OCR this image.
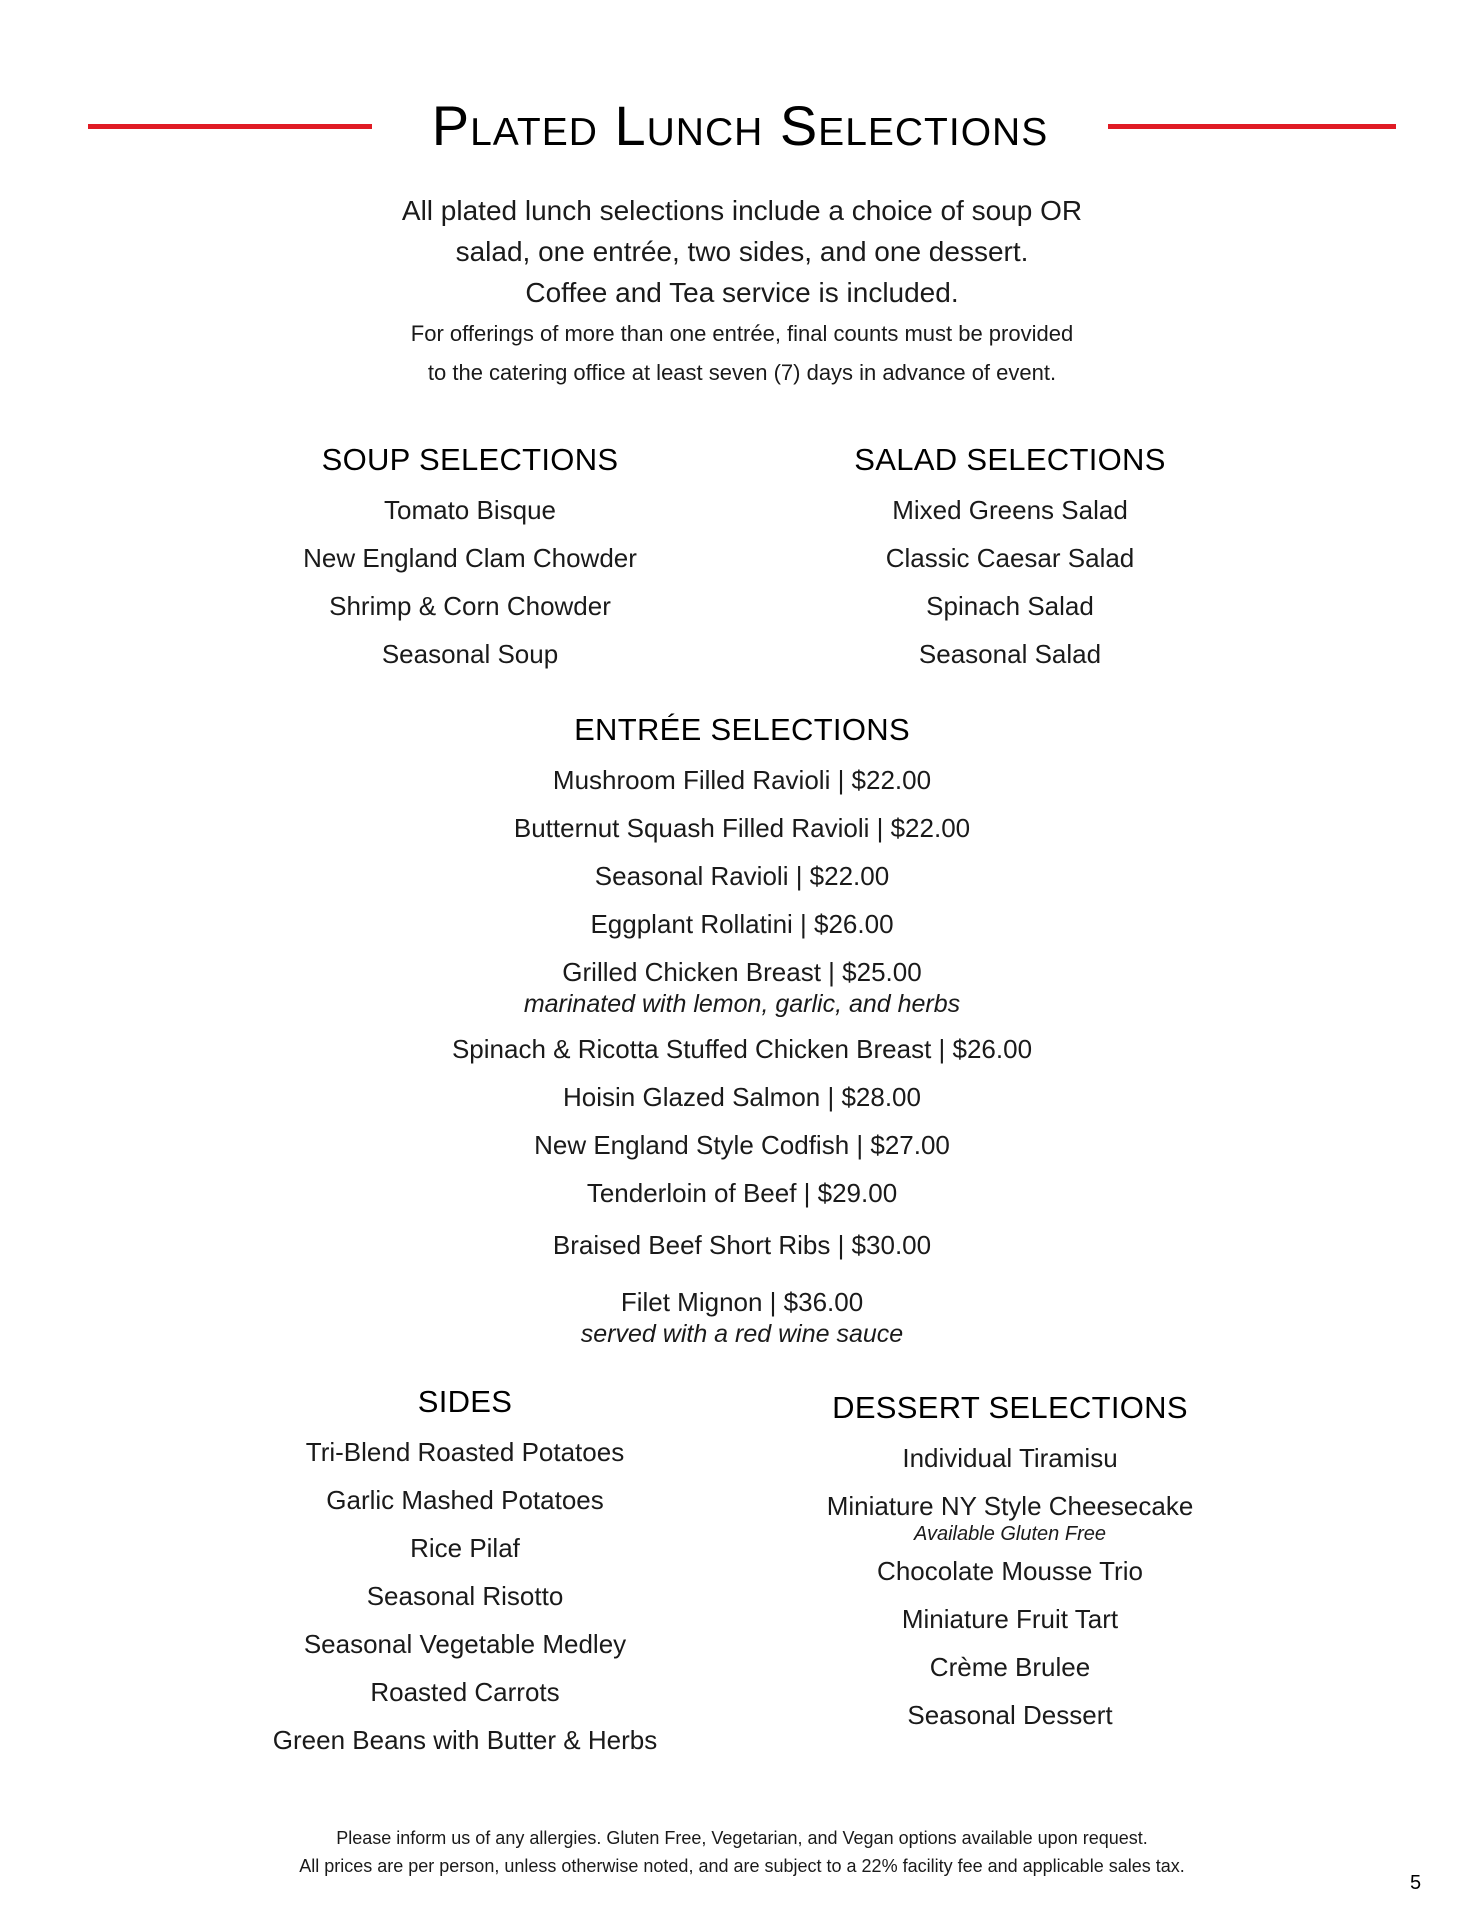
Plated Lunch Selections
All plated lunch selections include a choice of soup OR
salad, one entrée, two sides, and one dessert.
Coffee and Tea service is included.
For offerings of more than one entrée, final counts must be provided
to the catering office at least seven (7) days in advance of event.
SOUP SELECTIONS
Tomato Bisque
New England Clam Chowder
Shrimp & Corn Chowder
Seasonal Soup
SALAD SELECTIONS
Mixed Greens Salad
Classic Caesar Salad
Spinach Salad
Seasonal Salad
ENTRÉE SELECTIONS
Mushroom Filled Ravioli | $22.00
Butternut Squash Filled Ravioli | $22.00
Seasonal Ravioli | $22.00
Eggplant Rollatini | $26.00
Grilled Chicken Breast | $25.00
marinated with lemon, garlic, and herbs
Spinach & Ricotta Stuffed Chicken Breast | $26.00
Hoisin Glazed Salmon | $28.00
New England Style Codfish | $27.00
Tenderloin of Beef | $29.00
Braised Beef Short Ribs | $30.00
Filet Mignon | $36.00
served with a red wine sauce
SIDES
Tri-Blend Roasted Potatoes
Garlic Mashed Potatoes
Rice Pilaf
Seasonal Risotto
Seasonal Vegetable Medley
Roasted Carrots
Green Beans with Butter & Herbs
DESSERT SELECTIONS
Individual Tiramisu
Miniature NY Style Cheesecake
Available Gluten Free
Chocolate Mousse Trio
Miniature Fruit Tart
Crème Brulee
Seasonal Dessert
Please inform us of any allergies. Gluten Free, Vegetarian, and Vegan options available upon request.
All prices are per person, unless otherwise noted, and are subject to a 22% facility fee and applicable sales tax.
5
